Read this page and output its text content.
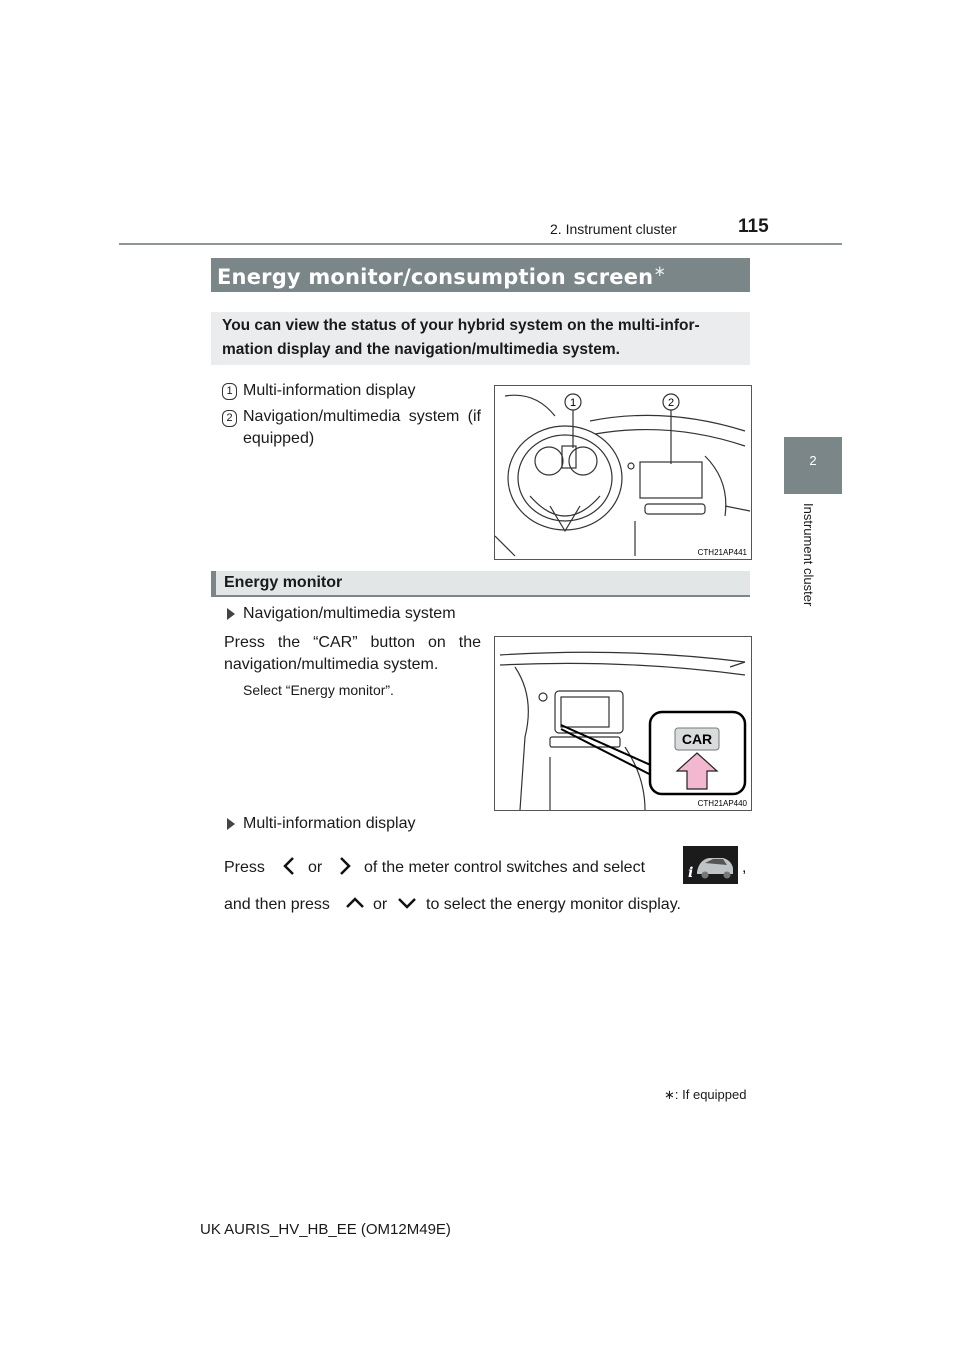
2. Instrument cluster	115
2
Instrument cluster
Energy monitor/consumption screen∗
You can view the status of your hybrid system on the multi-infor-mation display and the navigation/multimedia system.
1 Multi-information display
2 Navigation/multimedia system (if equipped)
1	2
CTH21AP441
Energy monitor
Navigation/multimedia system
Press the “CAR” button on the navigation/multimedia system.
Select “Energy monitor”.
CAR
CTH21AP440
Multi-information display
Press	or	of the meter control switches and select	i	,
and then press	or to select the energy monitor display.
∗: If equipped
UK AURIS_HV_HB_EE (OM12M49E)
